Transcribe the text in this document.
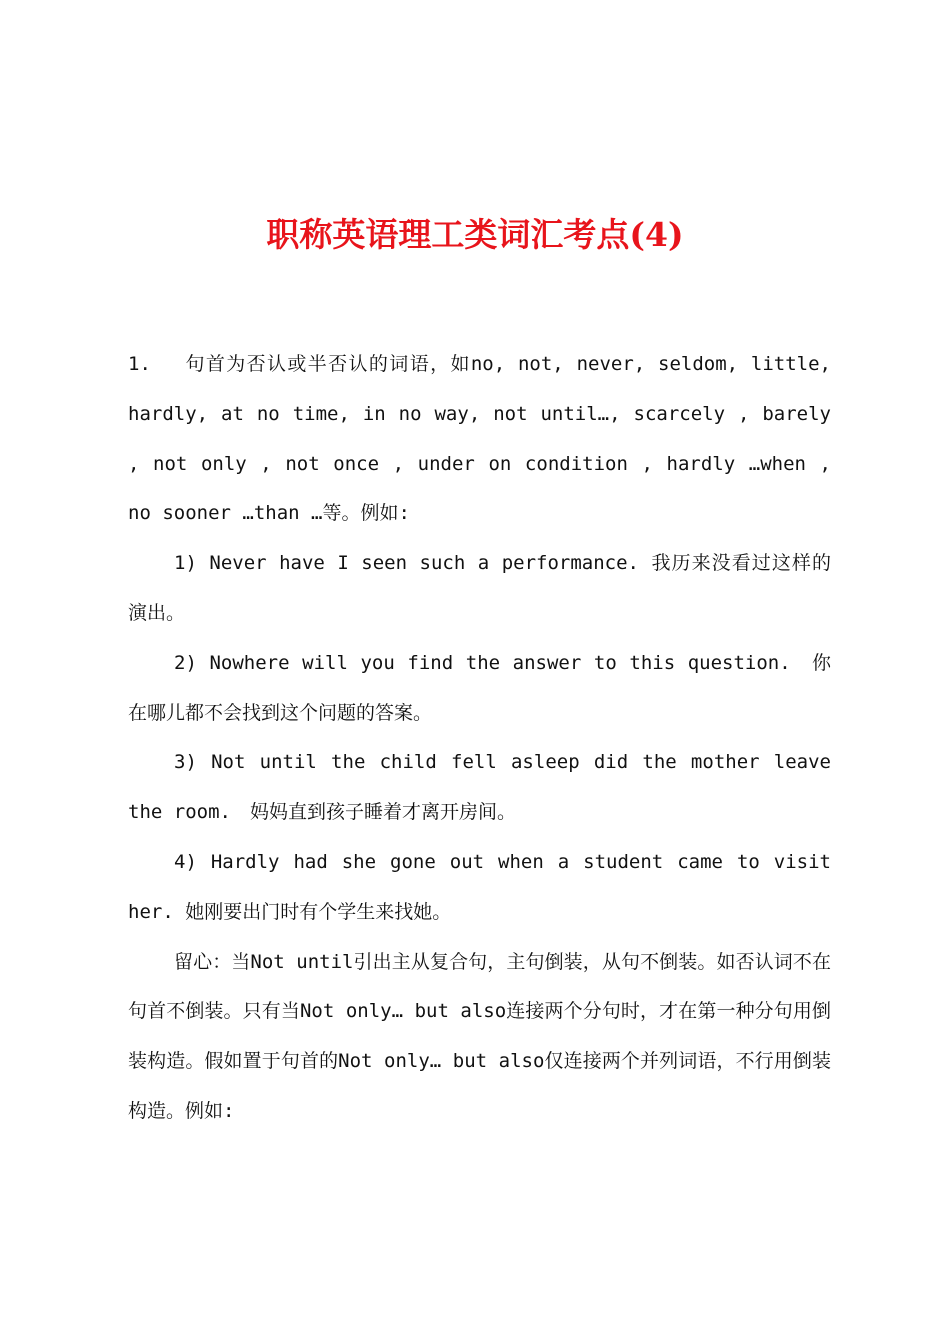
职称英语理工类词汇考点(4)

1.　 句首为否认或半否认的词语，如no, not, never, seldom, little, hardly, at no time, in no way, not until…, scarcely , barely , not only , not once , under on condition , hardly …when , no sooner …than …等。例如:

1) Never have I seen such a performance. 我历来没看过这样的演出。

2) Nowhere will you find the answer to this question.　你在哪儿都不会找到这个问题的答案。

3) Not until the child fell asleep did the mother leave the room.　妈妈直到孩子睡着才离开房间。

4) Hardly had she gone out when a student came to visit her. 她刚要出门时有个学生来找她。

留心：当Not until引出主从复合句，主句倒装，从句不倒装。如否认词不在句首不倒装。只有当Not only… but also连接两个分句时，才在第一种分句用倒装构造。假如置于句首的Not only… but also仅连接两个并列词语，不行用倒装构造。例如:
